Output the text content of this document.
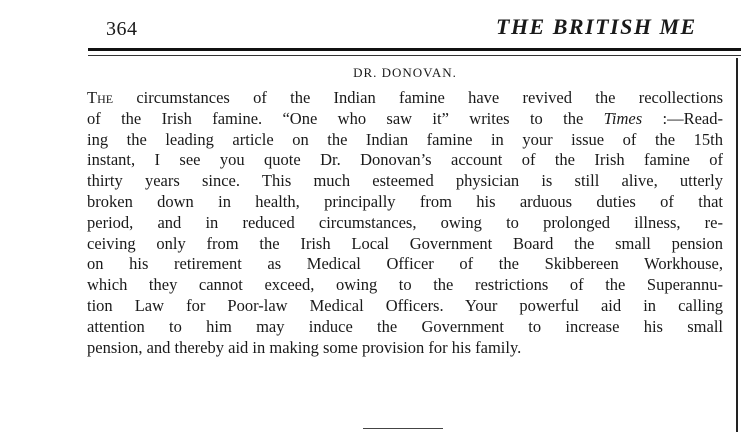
364	THE BRITISH ME
DR. DONOVAN.
The circumstances of the Indian famine have revived the recollections
of the Irish famine. “One who saw it” writes to the Times :—Read-
ing the leading article on the Indian famine in your issue of the 15th
instant, I see you quote Dr. Donovan’s account of the Irish famine of
thirty years since. This much esteemed physician is still alive, utterly
broken down in health, principally from his arduous duties of that
period, and in reduced circumstances, owing to prolonged illness, re-
ceiving only from the Irish Local Government Board the small pension
on his retirement as Medical Officer of the Skibbereen Workhouse,
which they cannot exceed, owing to the restrictions of the Superannu-
tion Law for Poor-law Medical Officers. Your powerful aid in calling
attention to him may induce the Government to increase his small
pension, and thereby aid in making some provision for his family.
